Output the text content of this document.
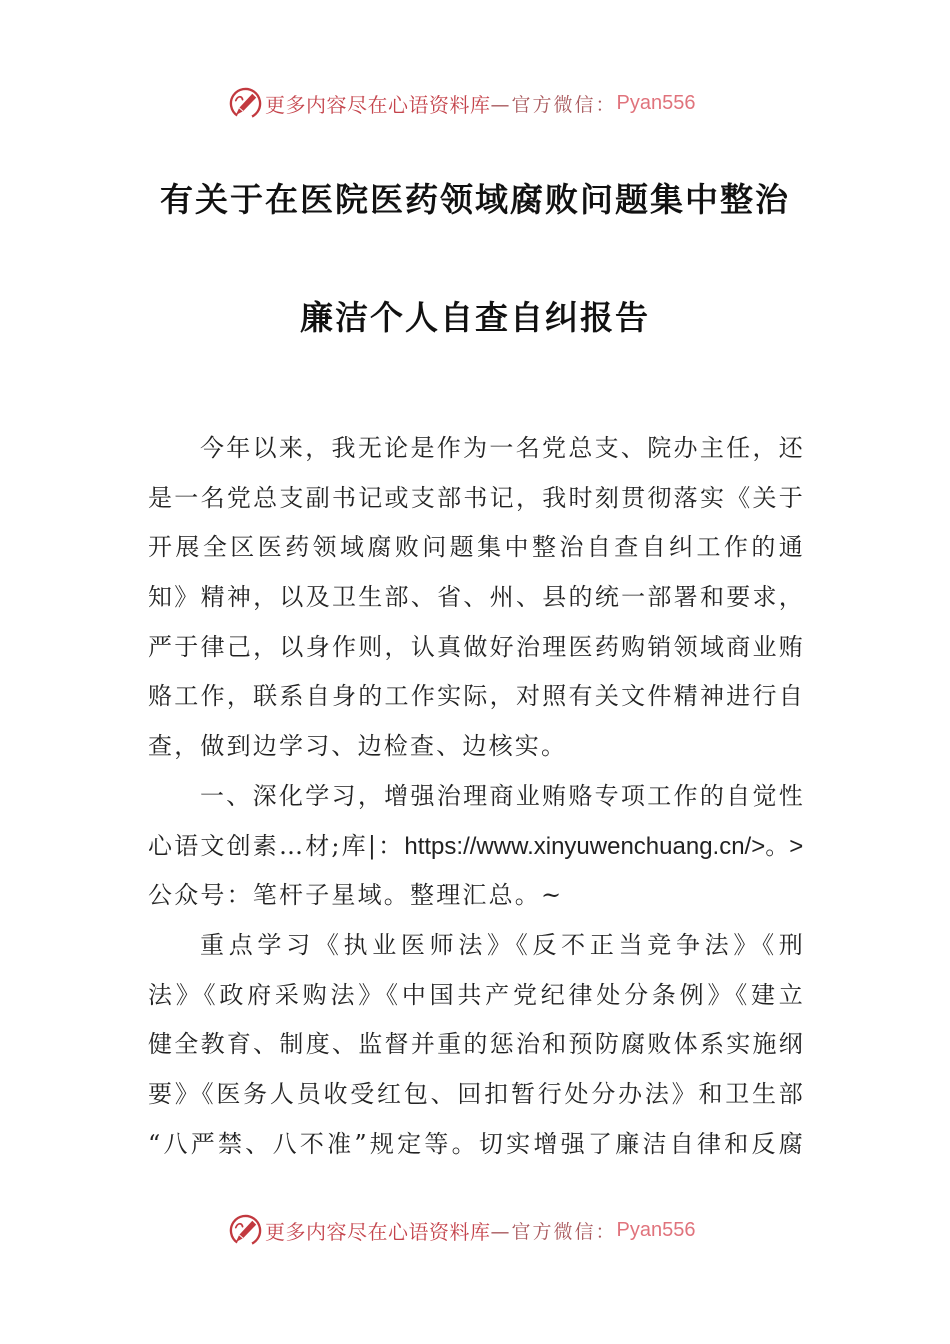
更多内容尽在心语资料库 —官方微信： Pyan556
有关于在医院医药领域腐败问题集中整治
廉洁个人自查自纠报告
今年以来，我无论是作为一名党总支、院办主任，还
是一名党总支副书记或支部书记，我时刻贯彻落实《关于
开展全区医药领域腐败问题集中整治自查自纠工作的通
知》精神，以及卫生部、省、州、县的统一部署和要求，
严于律己，以身作则，认真做好治理医药购销领域商业贿
赂工作，联系自身的工作实际，对照有关文件精神进行自
查，做到边学习、边检查、边核实。
一、深化学习，增强治理商业贿赂专项工作的自觉性
心语文创素…材;库|：https://www.xinyuwenchuang.cn/>。>
公众号：笔杆子星域。整理汇总。~
重点学习《执业医师法》《反不正当竞争法》《刑
法》《政府采购法》《中国共产党纪律处分条例》《建立
健全教育、制度、监督并重的惩治和预防腐败体系实施纲
要》《医务人员收受红包、回扣暂行处分办法》和卫生部
“八严禁、八不准”规定等。切实增强了廉洁自律和反腐
更多内容尽在心语资料库 —官方微信： Pyan556
